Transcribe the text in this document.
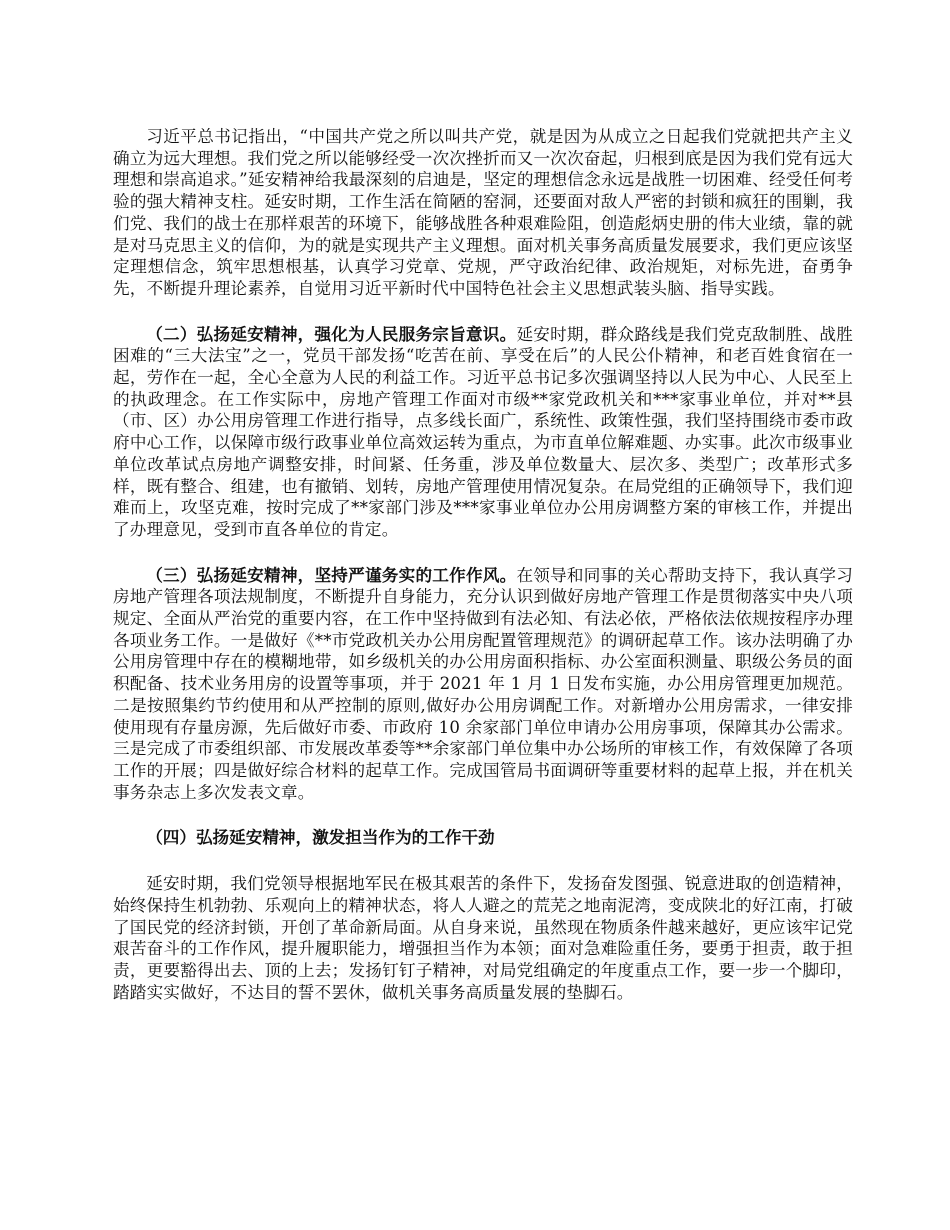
习近平总书记指出，“中国共产党之所以叫共产党，就是因为从成立之日起我们党就把共产主义确立为远大理想。我们党之所以能够经受一次次挫折而又一次次奋起，归根到底是因为我们党有远大理想和崇高追求。”延安精神给我最深刻的启迪是，坚定的理想信念永远是战胜一切困难、经受任何考验的强大精神支柱。延安时期，工作生活在简陋的窑洞，还要面对敌人严密的封锁和疯狂的围剿，我们党、我们的战士在那样艰苦的环境下，能够战胜各种艰难险阻，创造彪炳史册的伟大业绩，靠的就是对马克思主义的信仰，为的就是实现共产主义理想。面对机关事务高质量发展要求，我们更应该坚定理想信念，筑牢思想根基，认真学习党章、党规，严守政治纪律、政治规矩，对标先进，奋勇争先，不断提升理论素养，自觉用习近平新时代中国特色社会主义思想武装头脑、指导实践。

（二）弘扬延安精神，强化为人民服务宗旨意识。延安时期，群众路线是我们党克敌制胜、战胜困难的“三大法宝”之一，党员干部发扬“吃苦在前、享受在后”的人民公仆精神，和老百姓食宿在一起，劳作在一起，全心全意为人民的利益工作。习近平总书记多次强调坚持以人民为中心、人民至上的执政理念。在工作实际中，房地产管理工作面对市级**家党政机关和***家事业单位，并对**县（市、区）办公用房管理工作进行指导，点多线长面广，系统性、政策性强，我们坚持围绕市委市政府中心工作，以保障市级行政事业单位高效运转为重点，为市直单位解难题、办实事。此次市级事业单位改革试点房地产调整安排，时间紧、任务重，涉及单位数量大、层次多、类型广；改革形式多样，既有整合、组建，也有撤销、划转，房地产管理使用情况复杂。在局党组的正确领导下，我们迎难而上，攻坚克难，按时完成了**家部门涉及***家事业单位办公用房调整方案的审核工作，并提出了办理意见，受到市直各单位的肯定。

（三）弘扬延安精神，坚持严谨务实的工作作风。在领导和同事的关心帮助支持下，我认真学习房地产管理各项法规制度，不断提升自身能力，充分认识到做好房地产管理工作是贯彻落实中央八项规定、全面从严治党的重要内容，在工作中坚持做到有法必知、有法必依，严格依法依规按程序办理各项业务工作。一是做好《**市党政机关办公用房配置管理规范》的调研起草工作。该办法明确了办公用房管理中存在的模糊地带，如乡级机关的办公用房面积指标、办公室面积测量、职级公务员的面积配备、技术业务用房的设置等事项，并于 2021 年 1 月 1 日发布实施，办公用房管理更加规范。二是按照集约节约使用和从严控制的原则,做好办公用房调配工作。对新增办公用房需求，一律安排使用现有存量房源，先后做好市委、市政府 10 余家部门单位申请办公用房事项，保障其办公需求。三是完成了市委组织部、市发展改革委等**余家部门单位集中办公场所的审核工作，有效保障了各项工作的开展；四是做好综合材料的起草工作。完成国管局书面调研等重要材料的起草上报，并在机关事务杂志上多次发表文章。

（四）弘扬延安精神，激发担当作为的工作干劲

延安时期，我们党领导根据地军民在极其艰苦的条件下，发扬奋发图强、锐意进取的创造精神，始终保持生机勃勃、乐观向上的精神状态，将人人避之的荒芜之地南泥湾，变成陕北的好江南，打破了国民党的经济封锁，开创了革命新局面。从自身来说，虽然现在物质条件越来越好，更应该牢记党艰苦奋斗的工作作风，提升履职能力，增强担当作为本领；面对急难险重任务，要勇于担责，敢于担责，更要豁得出去、顶的上去；发扬钉钉子精神，对局党组确定的年度重点工作，要一步一个脚印，踏踏实实做好，不达目的誓不罢休，做机关事务高质量发展的垫脚石。
